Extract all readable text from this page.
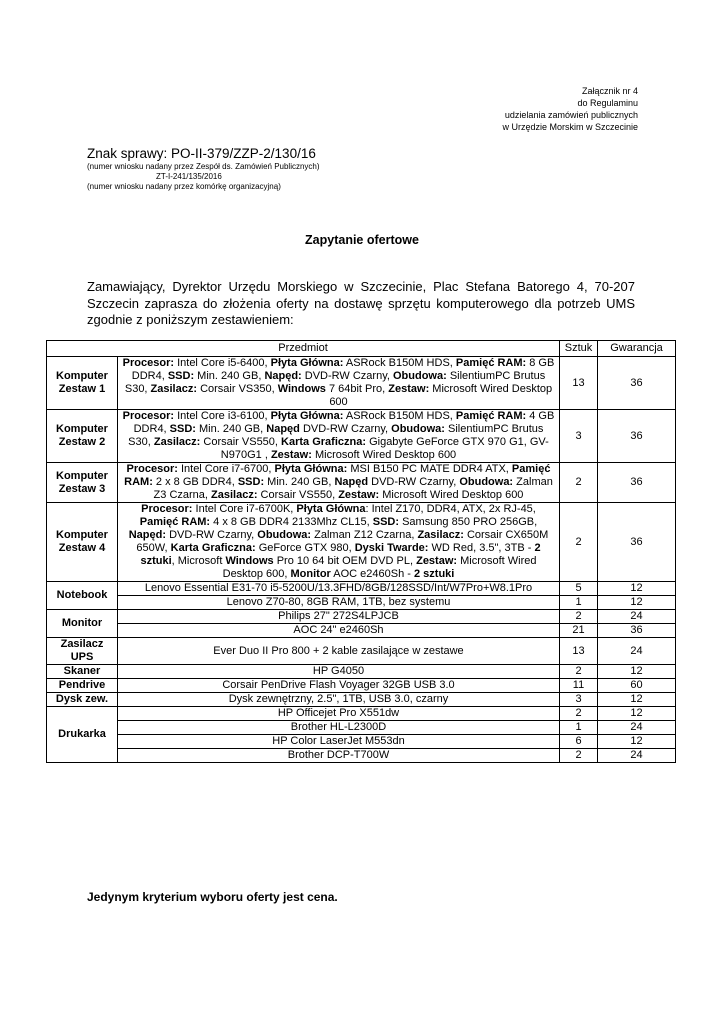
Załącznik nr 4
do Regulaminu
udzielania zamówień publicznych
w Urzędzie Morskim w Szczecinie
Znak sprawy: PO-II-379/ZZP-2/130/16
(numer wniosku nadany przez Zespół ds. Zamówień Publicznych)
ZT-I-241/135/2016
(numer wniosku nadany przez komórkę organizacyjną)
Zapytanie ofertowe
Zamawiający, Dyrektor Urzędu Morskiego w Szczecinie, Plac Stefana Batorego 4, 70-207 Szczecin zaprasza do złożenia oferty na dostawę sprzętu komputerowego dla potrzeb UMS zgodnie z poniższym zestawieniem:
Przedmiot		Sztuk	Gwarancja
Komputer Zestaw 1	Procesor: Intel Core i5-6400, Płyta Główna: ASRock B150M HDS, Pamięć RAM: 8 GB DDR4, SSD: Min. 240 GB, Napęd: DVD-RW Czarny, Obudowa: SilentiumPC Brutus S30, Zasilacz: Corsair VS350, Windows 7 64bit Pro, Zestaw: Microsoft Wired Desktop 600	13	36
Komputer Zestaw 2	Procesor: Intel Core i3-6100, Płyta Główna: ASRock B150M HDS, Pamięć RAM: 4 GB DDR4, SSD: Min. 240 GB, Napęd DVD-RW Czarny, Obudowa: SilentiumPC Brutus S30, Zasilacz: Corsair VS550, Karta Graficzna: Gigabyte GeForce GTX 970 G1, GV-N970G1 , Zestaw: Microsoft Wired Desktop 600	3	36
Komputer Zestaw 3	Procesor: Intel Core i7-6700, Płyta Główna: MSI B150 PC MATE DDR4 ATX, Pamięć RAM: 2 x 8 GB DDR4, SSD: Min. 240 GB, Napęd DVD-RW Czarny, Obudowa: Zalman Z3 Czarna, Zasilacz: Corsair VS550, Zestaw: Microsoft Wired Desktop 600	2	36
Komputer Zestaw 4	Procesor: Intel Core i7-6700K, Płyta Główna: Intel Z170, DDR4, ATX, 2x RJ-45, Pamięć RAM: 4 x 8 GB DDR4 2133Mhz CL15, SSD: Samsung 850 PRO 256GB, Napęd: DVD-RW Czarny, Obudowa: Zalman Z12 Czarna, Zasilacz: Corsair CX650M 650W, Karta Graficzna: GeForce GTX 980, Dyski Twarde: WD Red, 3.5", 3TB - 2 sztuki, Microsoft Windows Pro 10 64 bit OEM DVD PL, Zestaw: Microsoft Wired Desktop 600, Monitor AOC e2460Sh - 2 sztuki	2	36
Notebook	Lenovo Essential E31-70 i5-5200U/13.3FHD/8GB/128SSD/Int/W7Pro+W8.1Pro	5	12
	Lenovo Z70-80, 8GB RAM, 1TB, bez systemu	1	12
Monitor	Philips 27" 272S4LPJCB	2	24
	AOC 24" e2460Sh	21	36
Zasilacz UPS	Ever Duo II Pro 800 + 2 kable zasilające w zestawe	13	24
Skaner	HP G4050	2	12
Pendrive	Corsair PenDrive Flash Voyager 32GB USB 3.0	11	60
Dysk zew.	Dysk zewnętrzny, 2.5", 1TB, USB 3.0, czarny	3	12
Drukarka	HP Officejet Pro X551dw	2	12
	Brother HL-L2300D	1	24
	HP Color LaserJet M553dn	6	12
	Brother DCP-T700W	2	24
Jedynym kryterium wyboru oferty jest cena.
